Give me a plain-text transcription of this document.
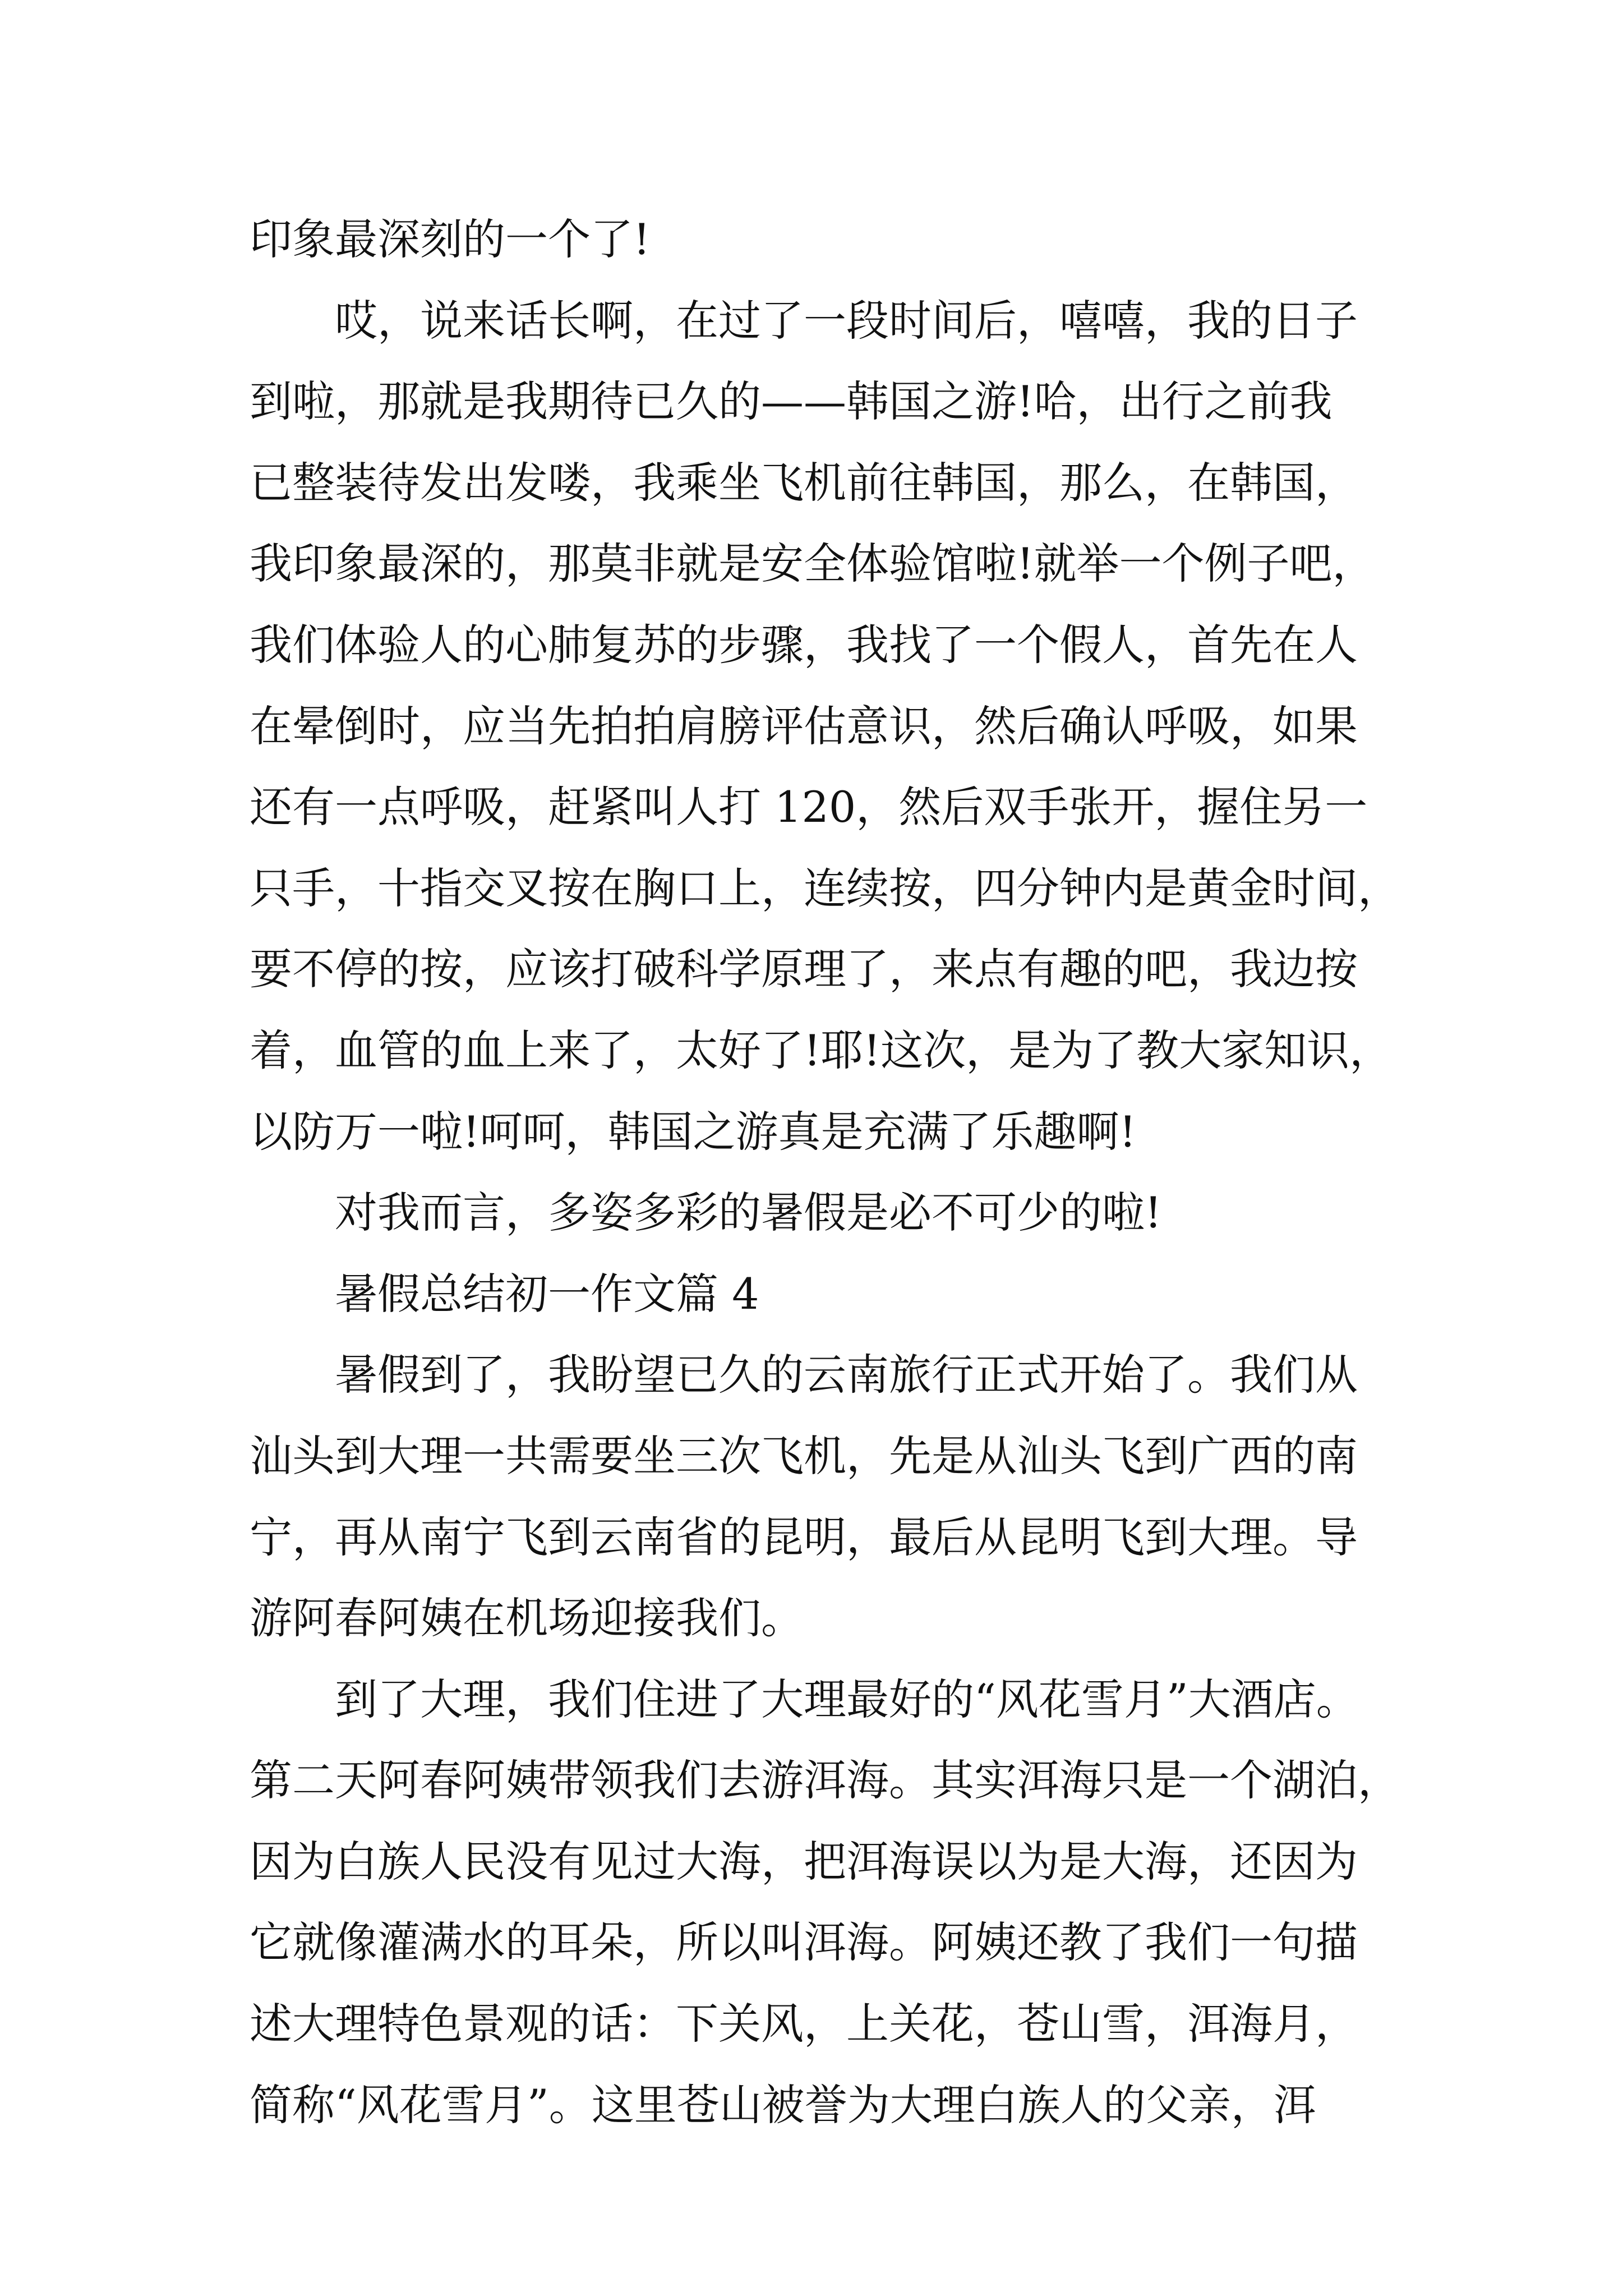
印象最深刻的一个了!
哎，说来话长啊，在过了一段时间后，嘻嘻，我的日子
到啦，那就是我期待已久的——韩国之游!哈，出行之前我
已整装待发出发喽，我乘坐飞机前往韩国，那么，在韩国，
我印象最深的，那莫非就是安全体验馆啦!就举一个例子吧，
我们体验人的心肺复苏的步骤，我找了一个假人，首先在人
在晕倒时，应当先拍拍肩膀评估意识，然后确认呼吸，如果
还有一点呼吸，赶紧叫人打 120，然后双手张开，握住另一
只手，十指交叉按在胸口上，连续按，四分钟内是黄金时间，
要不停的按，应该打破科学原理了，来点有趣的吧，我边按
着，血管的血上来了，太好了!耶!这次，是为了教大家知识，
以防万一啦!呵呵，韩国之游真是充满了乐趣啊!
对我而言，多姿多彩的暑假是必不可少的啦!
暑假总结初一作文篇 4
暑假到了，我盼望已久的云南旅行正式开始了。我们从
汕头到大理一共需要坐三次飞机，先是从汕头飞到广西的南
宁，再从南宁飞到云南省的昆明，最后从昆明飞到大理。导
游阿春阿姨在机场迎接我们。
到了大理，我们住进了大理最好的“风花雪月”大酒店。
第二天阿春阿姨带领我们去游洱海。其实洱海只是一个湖泊，
因为白族人民没有见过大海，把洱海误以为是大海，还因为
它就像灌满水的耳朵，所以叫洱海。阿姨还教了我们一句描
述大理特色景观的话：下关风，上关花，苍山雪，洱海月，
简称“风花雪月”。这里苍山被誉为大理白族人的父亲，洱
